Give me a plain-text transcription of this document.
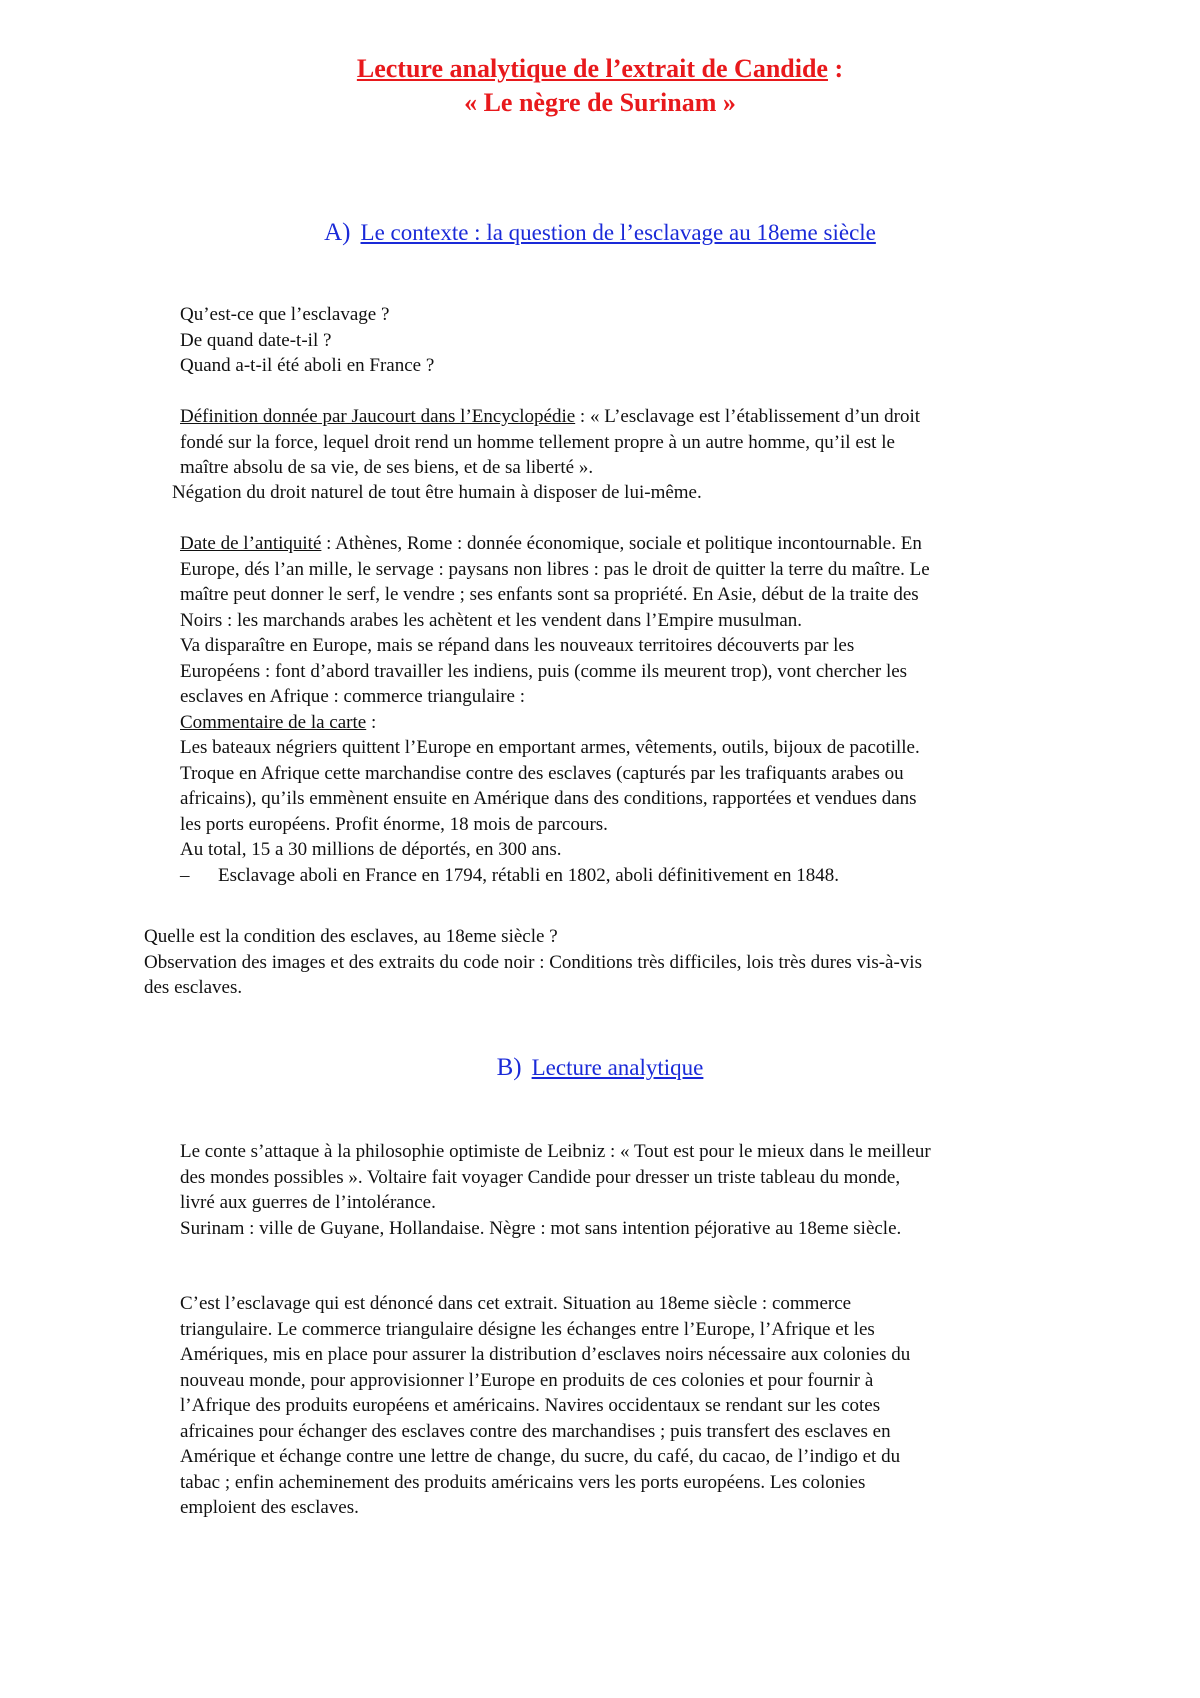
Lecture analytique de l’extrait de Candide :
« Le nègre de Surinam »
A) Le contexte : la question de l’esclavage au 18eme siècle

Qu’est-ce que l’esclavage ?

De quand date-t-il ?

Quand a-t-il été aboli en France ?

Définition donnée par Jaucourt dans l’Encyclopédie : « L’esclavage est l’établissement d’un droit

fondé sur la force, lequel droit rend un homme tellement propre à un autre homme, qu’il est le

maître absolu de sa vie, de ses biens, et de sa liberté ».

Négation du droit naturel de tout être humain à disposer de lui-même.

Date de l’antiquité : Athènes, Rome : donnée économique, sociale et politique incontournable. En

Europe, dés l’an mille, le servage : paysans non libres : pas le droit de quitter la terre du maître. Le

maître peut donner le serf, le vendre ; ses enfants sont sa propriété. En Asie, début de la traite des

Noirs : les marchands arabes les achètent et les vendent dans l’Empire musulman.

Va disparaître en Europe, mais se répand dans les nouveaux territoires découverts par les

Européens : font d’abord travailler les indiens, puis (comme ils meurent trop), vont chercher les

esclaves en Afrique : commerce triangulaire :

Commentaire de la carte :

Les bateaux négriers quittent l’Europe en emportant armes, vêtements, outils, bijoux de pacotille.

Troque en Afrique cette marchandise contre des esclaves (capturés par les trafiquants arabes ou

africains), qu’ils emmènent ensuite en Amérique dans des conditions, rapportées et vendues dans

les ports européens. Profit énorme, 18 mois de parcours.

Au total, 15 a 30 millions de déportés, en 300 ans.

–	Esclavage aboli en France en 1794, rétabli en 1802, aboli définitivement en 1848.

Quelle est la condition des esclaves, au 18eme siècle ?

Observation des images et des extraits du code noir : Conditions très difficiles, lois très dures vis-à-vis

des esclaves.

B) Lecture analytique

Le conte s’attaque à la philosophie optimiste de Leibniz : « Tout est pour le mieux dans le meilleur

des mondes possibles ». Voltaire fait voyager Candide pour dresser un triste tableau du monde,

livré aux guerres de l’intolérance.

Surinam : ville de Guyane, Hollandaise. Nègre : mot sans intention péjorative au 18eme siècle.

C’est l’esclavage qui est dénoncé dans cet extrait. Situation au 18eme siècle : commerce

triangulaire. Le commerce triangulaire désigne les échanges entre l’Europe, l’Afrique et les

Amériques, mis en place pour assurer la distribution d’esclaves noirs nécessaire aux colonies du

nouveau monde, pour approvisionner l’Europe en produits de ces colonies et pour fournir à

l’Afrique des produits européens et américains. Navires occidentaux se rendant sur les cotes

africaines pour échanger des esclaves contre des marchandises ; puis transfert des esclaves en

Amérique et échange contre une lettre de change, du sucre, du café, du cacao, de l’indigo et du

tabac ; enfin acheminement des produits américains vers les ports européens. Les colonies

emploient des esclaves.
